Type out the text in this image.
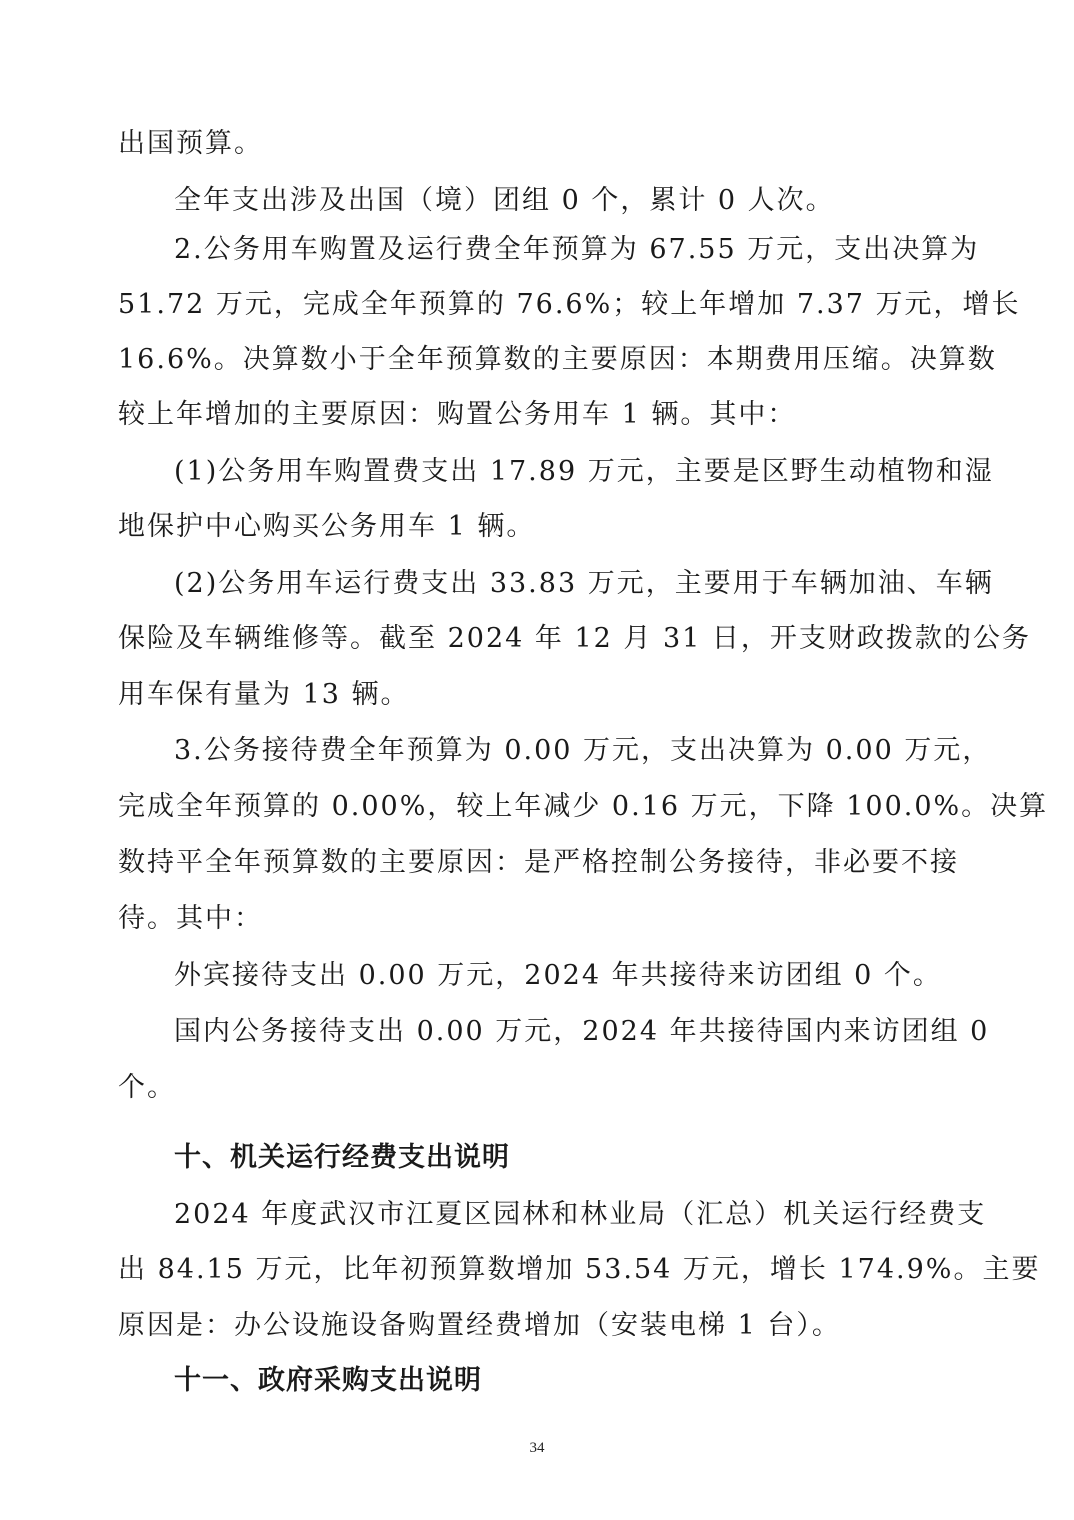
出国预算。
全年支出涉及出国（境）团组 0 个，累计 0 人次。
2.公务用车购置及运行费全年预算为 67.55 万元，支出决算为
51.72 万元，完成全年预算的 76.6%；较上年增加 7.37 万元，增长
16.6%。决算数小于全年预算数的主要原因：本期费用压缩。决算数
较上年增加的主要原因：购置公务用车 1 辆。其中：
(1)公务用车购置费支出 17.89 万元，主要是区野生动植物和湿
地保护中心购买公务用车 1 辆。
(2)公务用车运行费支出 33.83 万元，主要用于车辆加油、车辆
保险及车辆维修等。截至 2024 年 12 月 31 日，开支财政拨款的公务
用车保有量为 13 辆。
3.公务接待费全年预算为 0.00 万元，支出决算为 0.00 万元，
完成全年预算的 0.00%，较上年减少 0.16 万元，下降 100.0%。决算
数持平全年预算数的主要原因：是严格控制公务接待，非必要不接
待。其中：
外宾接待支出 0.00 万元，2024 年共接待来访团组 0 个。
国内公务接待支出 0.00 万元，2024 年共接待国内来访团组 0
个。
十、机关运行经费支出说明
2024 年度武汉市江夏区园林和林业局（汇总）机关运行经费支
出 84.15 万元，比年初预算数增加 53.54 万元，增长 174.9%。主要
原因是：办公设施设备购置经费增加（安装电梯 1 台）。
十一、政府采购支出说明
34
